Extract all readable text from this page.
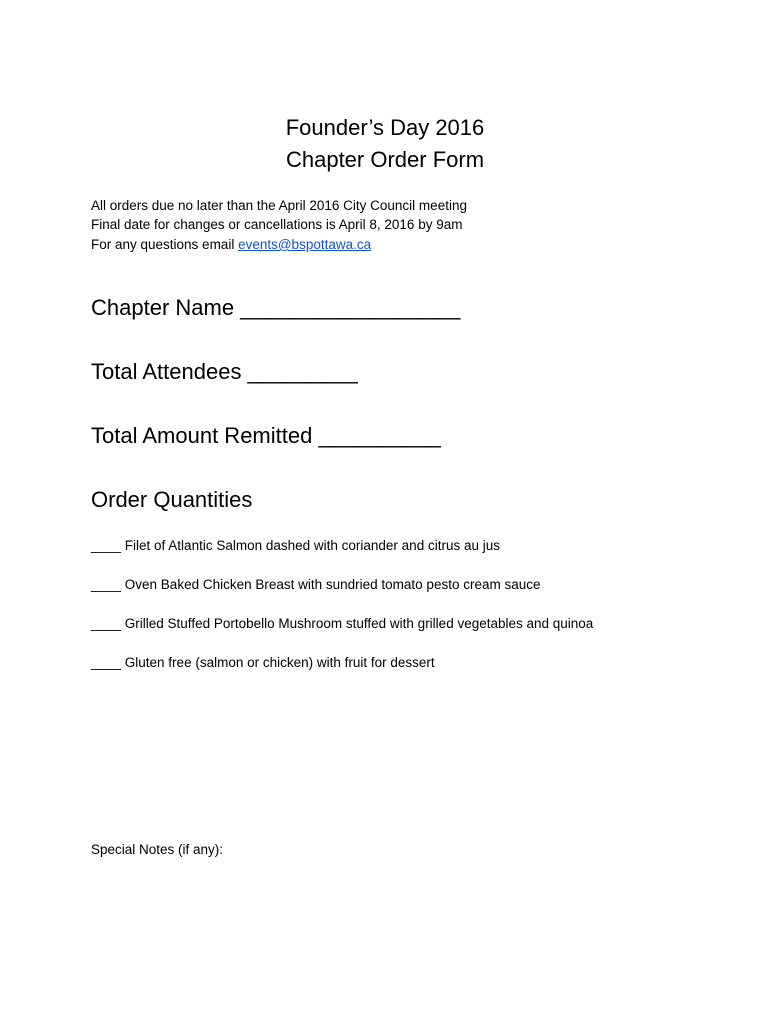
Founder’s Day 2016
Chapter Order Form
All orders due no later than the April 2016 City Council meeting
Final date for changes or cancellations is April 8, 2016 by 9am
For any questions email events@bspottawa.ca
Chapter Name __________________
Total Attendees _________
Total Amount Remitted __________
Order Quantities
____ Filet of Atlantic Salmon dashed with coriander and citrus au jus
____ Oven Baked Chicken Breast with sundried tomato pesto cream sauce
____ Grilled Stuffed Portobello Mushroom stuffed with grilled vegetables and quinoa
____ Gluten free (salmon or chicken) with fruit for dessert
Special Notes (if any):
